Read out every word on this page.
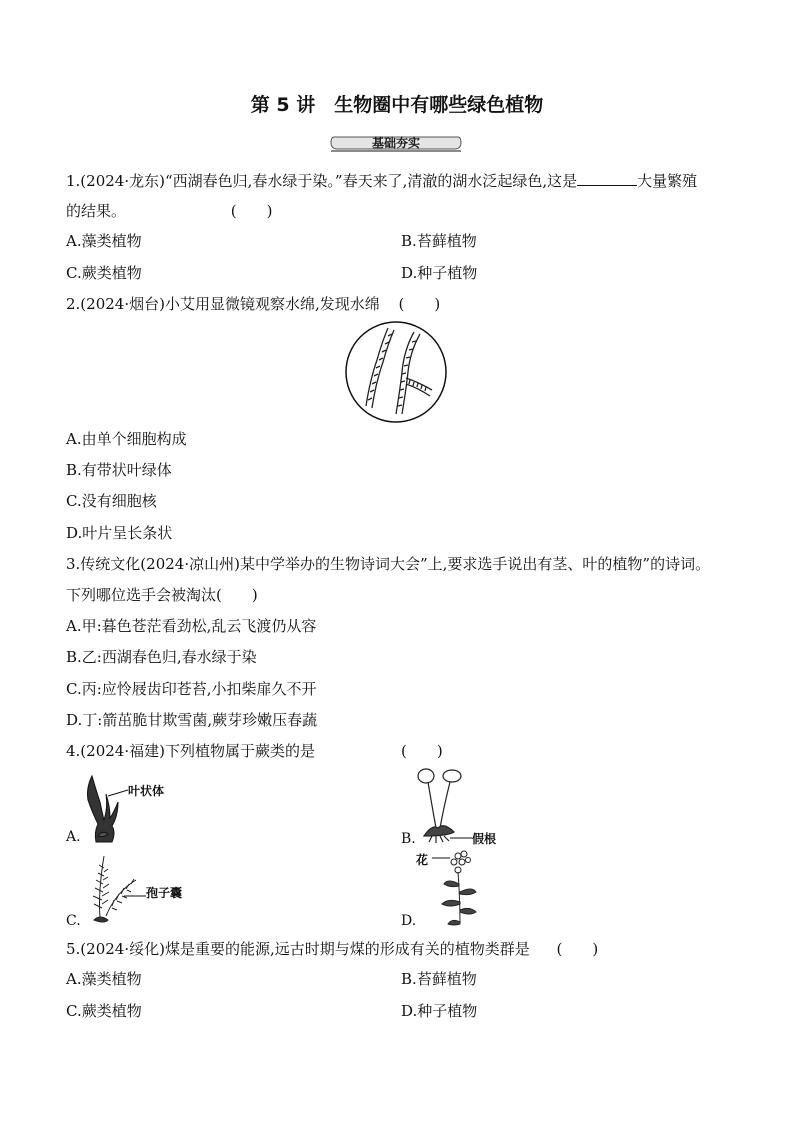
第 5 讲　生物圈中有哪些绿色植物
基础夯实
1.(2024·龙东)“西湖春色归,春水绿于染。”春天来了,清澈的湖水泛起绿色,这是	大量繁殖
的结果。	(　　)
A.藻类植物	B.苔藓植物
C.蕨类植物	D.种子植物
2.(2024·烟台)小艾用显微镜观察水绵,发现水绵 (　　)
A.由单个细胞构成
B.有带状叶绿体
C.没有细胞核
D.叶片呈长条状
3.传统文化(2024·凉山州)某中学举办的生物诗词大会”上,要求选手说出有茎、叶的植物”的诗词。
下列哪位选手会被淘汰(　　)
A.甲:暮色苍茫看劲松,乱云飞渡仍从容
B.乙:西湖春色归,春水绿于染
C.丙:应怜屐齿印苍苔,小扣柴扉久不开
D.丁:箭茁脆甘欺雪菌,蕨芽珍嫩压春蔬
4.(2024·福建)下列植物属于蕨类的是	(　　)
A.
叶状体
B.	假根
C.
孢子囊
D.
花
5.(2024·绥化)煤是重要的能源,远古时期与煤的形成有关的植物类群是 (　　)
A.藻类植物	B.苔藓植物
C.蕨类植物	D.种子植物
